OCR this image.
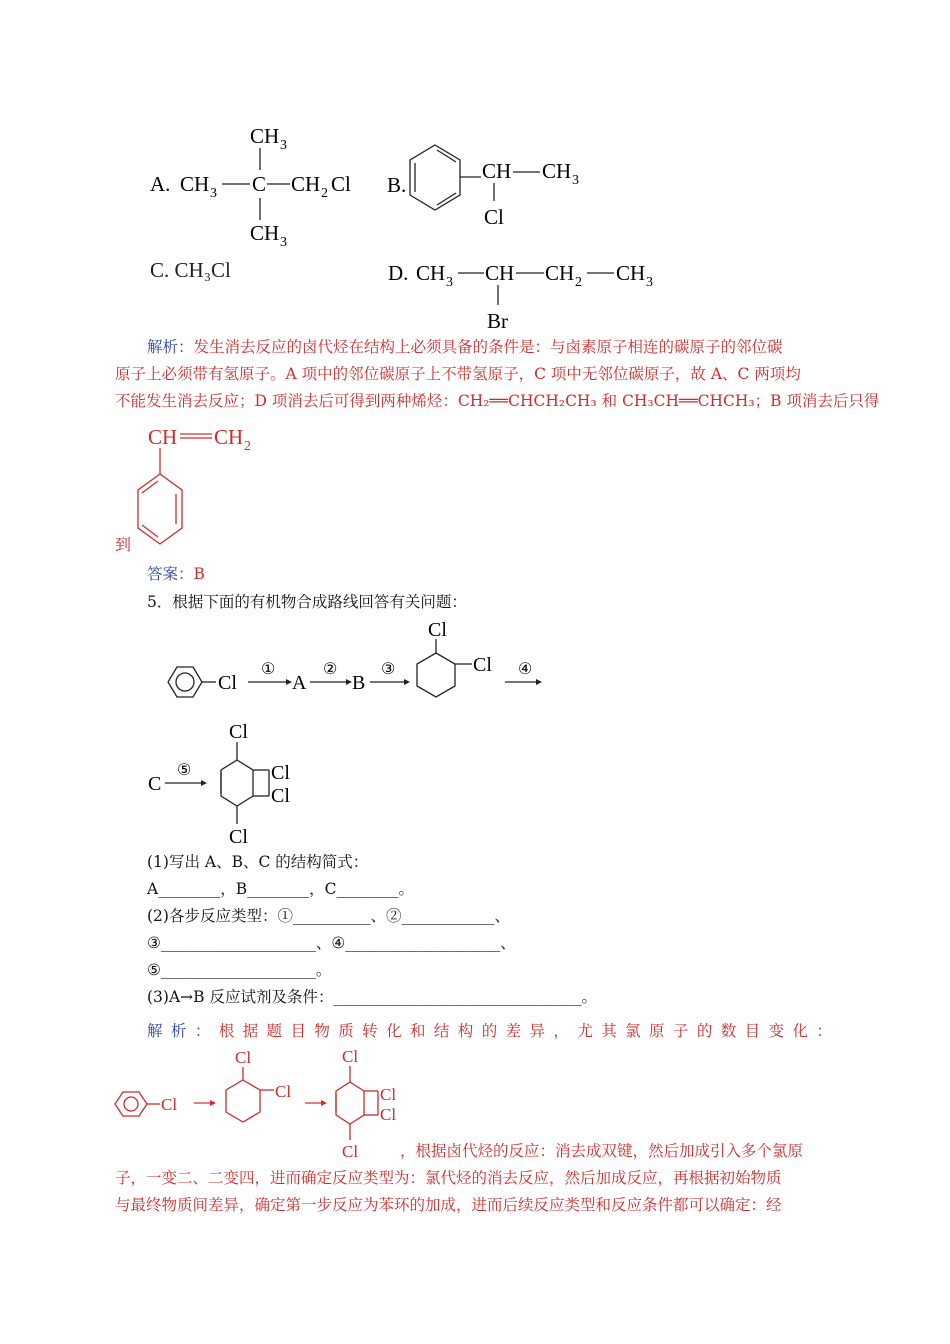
A.
CH 3
CH 3 C CH 2 Cl
CH 3
B.
CH CH 3
Cl
C. CH₃Cl	D. CH 3 CH CH 2 CH 3
Br
解析：发生消去反应的卤代烃在结构上必须具备的条件是：与卤素原子相连的碳原子的邻位碳
原子上必须带有氢原子。A 项中的邻位碳原子上不带氢原子，C 项中无邻位碳原子，故 A、C 两项均
不能发生消去反应；D 项消去后可得到两种烯烃：CH₂══CHCH₂CH₃ 和 CH₃CH══CHCH₃；B 项消去后只得
CH CH 2
到
答案：B
5．根据下面的有机物合成路线回答有关问题：
Cl
①
A
②
B
③
Cl
Cl ④
C
⑤
Cl
Cl
Cl
Cl
(1)写出 A、B、C 的结构简式：
A________，B________，C________。
(2)各步反应类型：①__________、②____________、
③____________________、④____________________、
⑤____________________。
(3)A→B 反应试剂及条件：________________________________。
解 析 ： 根 据 题 目 物 质 转 化 和 结 构 的 差 异 ， 尤 其 氯 原 子 的 数 目 变 化 ：
Cl
Cl
Cl
Cl
Cl
Cl
Cl	，根据卤代烃的反应：消去成双键，然后加成引入多个氯原
子，一变二、二变四，进而确定反应类型为：氯代烃的消去反应，然后加成反应，再根据初始物质
与最终物质间差异，确定第一步反应为苯环的加成，进而后续反应类型和反应条件都可以确定：经
